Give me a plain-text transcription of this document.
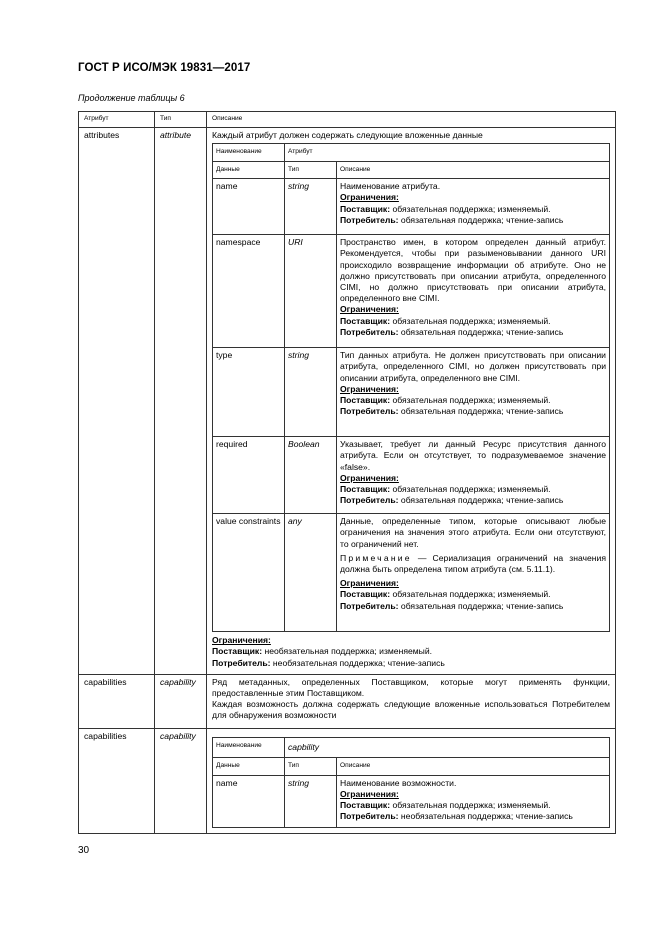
ГОСТ Р ИСО/МЭК 19831—2017
Продолжение таблицы 6
Атрибут	Тип	Описание
attributes	attribute	Каждый атрибут должен содержать следующие вложенные данные

Наименование	Атрибут
Данные	Тип	Описание
name	string	Наименование атрибута.

Ограничения:

Поставщик: обязательная поддержка; изменяемый.

Потребитель: обязательная поддержка; чтение-запись

namespace	URI	Пространство имен, в котором определен данный атрибут. Рекомендуется, чтобы при разыменовывании данного URI происходило возвращение информации об атрибуте. Оно не должно присутствовать при описании атрибута, определенного CIMI, но должно присутствовать при описании атрибута, определенного вне CIMI.

Ограничения:

Поставщик: обязательная поддержка; изменяемый.

Потребитель: обязательная поддержка; чтение-запись

type	string	Тип данных атрибута. Не должен присутствовать при описании атрибута, определенного CIMI, но должен присутствовать при описании атрибута, определенного вне CIMI.

Ограничения:

Поставщик: обязательная поддержка; изменяемый.

Потребитель: обязательная поддержка; чтение-запись

required	Boolean	Указывает, требует ли данный Ресурс присутствия данного атрибута. Если он отсутствует, то подразумеваемое значение «false».

Ограничения:

Поставщик: обязательная поддержка; изменяемый.

Потребитель: обязательная поддержка; чтение-запись

value constraints	any	Данные, определенные типом, которые описывают любые ограничения на значения этого атрибута. Если они отсутствуют, то ограничений нет.

Примечание — Сериализация ограничений на значения должна быть определена типом атрибута (см. 5.11.1).

Ограничения:

Поставщик: обязательная поддержка; изменяемый.

Потребитель: обязательная поддержка; чтение-запись

Ограничения:

Поставщик: необязательная поддержка; изменяемый.

Потребитель: необязательная поддержка; чтение-запись

capabilities	capability	Ряд метаданных, определенных Поставщиком, которые могут применять функции, предоставленные этим Поставщиком.

Каждая возможность должна содержать следующие вложенные использоваться Потребителем для обнаружения возможности

capabilities	capability	
Наименование	capbility
Данные	Тип	Описание
name	string	Наименование возможности.

Ограничения:

Поставщик: обязательная поддержка; изменяемый.

Потребитель: необязательная поддержка; чтение-запись

30
